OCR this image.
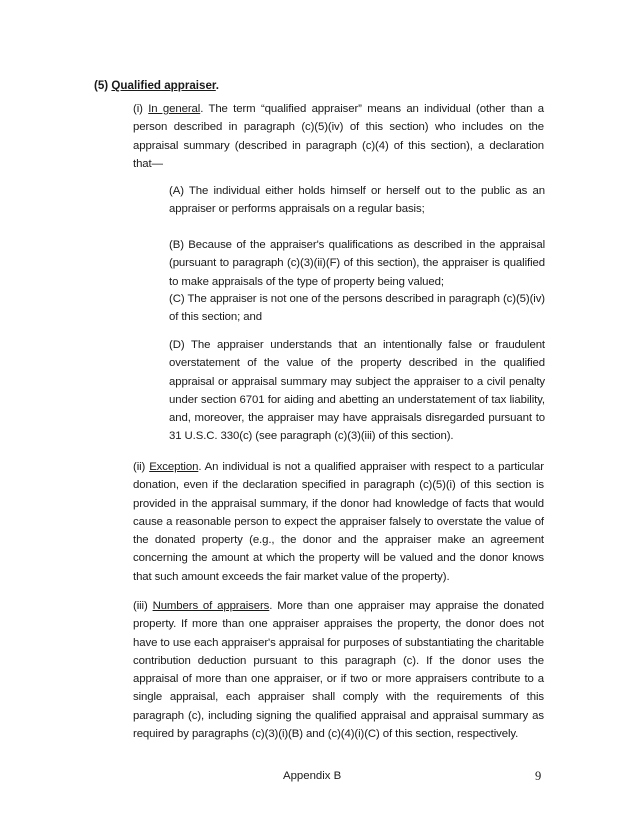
(5) Qualified appraiser.

(i) In general. The term “qualified appraiser” means an individual (other than a person described in paragraph (c)(5)(iv) of this section) who includes on the appraisal summary (described in paragraph (c)(4) of this section), a declaration that—

(A) The individual either holds himself or herself out to the public as an appraiser or performs appraisals on a regular basis;

(B) Because of the appraiser's qualifications as described in the appraisal (pursuant to paragraph (c)(3)(ii)(F) of this section), the appraiser is qualified to make appraisals of the type of property being valued;

(C) The appraiser is not one of the persons described in paragraph (c)(5)(iv) of this section; and

(D) The appraiser understands that an intentionally false or fraudulent overstatement of the value of the property described in the qualified appraisal or appraisal summary may subject the appraiser to a civil penalty under section 6701 for aiding and abetting an understatement of tax liability, and, moreover, the appraiser may have appraisals disregarded pursuant to 31 U.S.C. 330(c) (see paragraph (c)(3)(iii) of this section).

(ii) Exception. An individual is not a qualified appraiser with respect to a particular donation, even if the declaration specified in paragraph (c)(5)(i) of this section is provided in the appraisal summary, if the donor had knowledge of facts that would cause a reasonable person to expect the appraiser falsely to overstate the value of the donated property (e.g., the donor and the appraiser make an agreement concerning the amount at which the property will be valued and the donor knows that such amount exceeds the fair market value of the property).

(iii) Numbers of appraisers. More than one appraiser may appraise the donated property. If more than one appraiser appraises the property, the donor does not have to use each appraiser's appraisal for purposes of substantiating the charitable contribution deduction pursuant to this paragraph (c). If the donor uses the appraisal of more than one appraiser, or if two or more appraisers contribute to a single appraisal, each appraiser shall comply with the requirements of this paragraph (c), including signing the qualified appraisal and appraisal summary as required by paragraphs (c)(3)(i)(B) and (c)(4)(i)(C) of this section, respectively.

Appendix B	9
